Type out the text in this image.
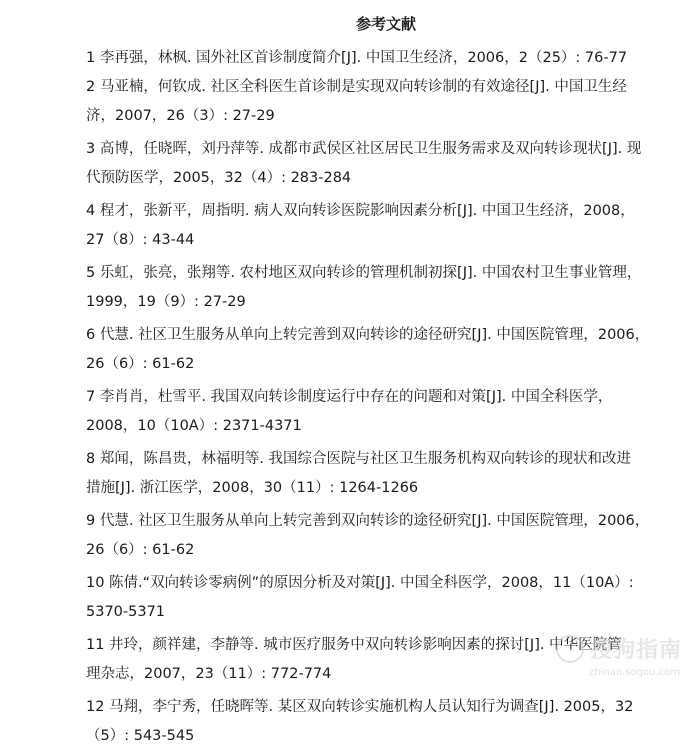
参考文献

1 李再强，林枫. 国外社区首诊制度简介[J]. 中国卫生经济，2006，2（25）: 76-77

2 马亚楠，何钦成. 社区全科医生首诊制是实现双向转诊制的有效途径[J]. 中国卫生经

济，2007，26（3）: 27-29

3 高博，任晓晖，刘丹萍等. 成都市武侯区社区居民卫生服务需求及双向转诊现状[J]. 现

代预防医学，2005，32（4）: 283-284

4 程才，张新平，周指明. 病人双向转诊医院影响因素分析[J]. 中国卫生经济，2008，

27（8）: 43-44

5 乐虹，张亮，张翔等. 农村地区双向转诊的管理机制初探[J]. 中国农村卫生事业管理，

1999，19（9）: 27-29

6 代慧. 社区卫生服务从单向上转完善到双向转诊的途径研究[J]. 中国医院管理，2006，

26（6）: 61-62

7 李肖肖，杜雪平. 我国双向转诊制度运行中存在的问题和对策[J]. 中国全科医学，

2008，10（10A）: 2371-4371

8 郑闻，陈昌贵，林福明等. 我国综合医院与社区卫生服务机构双向转诊的现状和改进

措施[J]. 浙江医学，2008，30（11）: 1264-1266

9 代慧. 社区卫生服务从单向上转完善到双向转诊的途径研究[J]. 中国医院管理，2006，

26（6）: 61-62

10 陈倩.“双向转诊零病例”的原因分析及对策[J]. 中国全科医学，2008，11（10A）:

5370-5371

11 井玲，颜祥建，李静等. 城市医疗服务中双向转诊影响因素的探讨[J]. 中华医院管

理杂志，2007，23（11）: 772-774

12 马翔，李宁秀，任晓晖等. 某区双向转诊实施机构人员认知行为调查[J]. 2005，32

（5）: 543-545

搜狗指南
zhinan.sogou.com
